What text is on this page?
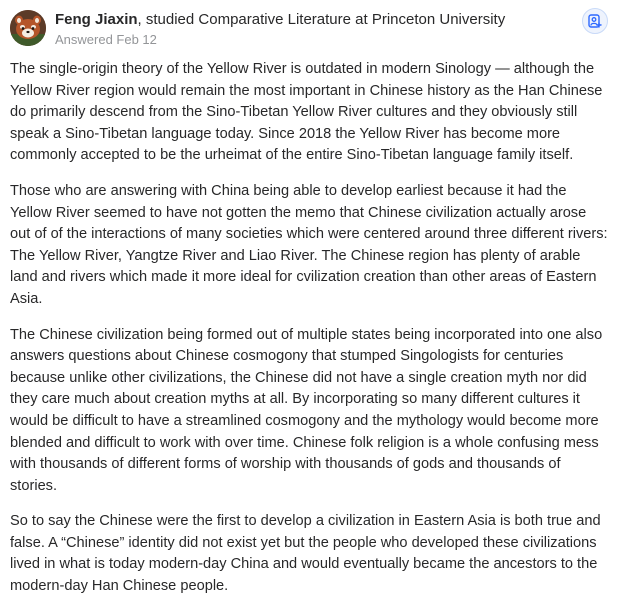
Feng Jiaxin, studied Comparative Literature at Princeton University
Answered Feb 12

The single-origin theory of the Yellow River is outdated in modern Sinology — although the Yellow River region would remain the most important in Chinese history as the Han Chinese do primarily descend from the Sino-Tibetan Yellow River cultures and they obviously still speak a Sino-Tibetan language today. Since 2018 the Yellow River has become more commonly accepted to be the urheimat of the entire Sino-Tibetan language family itself.

Those who are answering with China being able to develop earliest because it had the Yellow River seemed to have not gotten the memo that Chinese civilization actually arose out of of the interactions of many societies which were centered around three different rivers: The Yellow River, Yangtze River and Liao River. The Chinese region has plenty of arable land and rivers which made it more ideal for cvilization creation than other areas of Eastern Asia.

The Chinese civilization being formed out of multiple states being incorporated into one also answers questions about Chinese cosmogony that stumped Singologists for centuries because unlike other civilizations, the Chinese did not have a single creation myth nor did they care much about creation myths at all. By incorporating so many different cultures it would be difficult to have a streamlined cosmogony and the mythology would become more blended and difficult to work with over time. Chinese folk religion is a whole confusing mess with thousands of different forms of worship with thousands of gods and thousands of stories.

So to say the Chinese were the first to develop a civilization in Eastern Asia is both true and false. A “Chinese” identity did not exist yet but the people who developed these civilizations lived in what is today modern-day China and would eventually became the ancestors to the modern-day Han Chinese people.
